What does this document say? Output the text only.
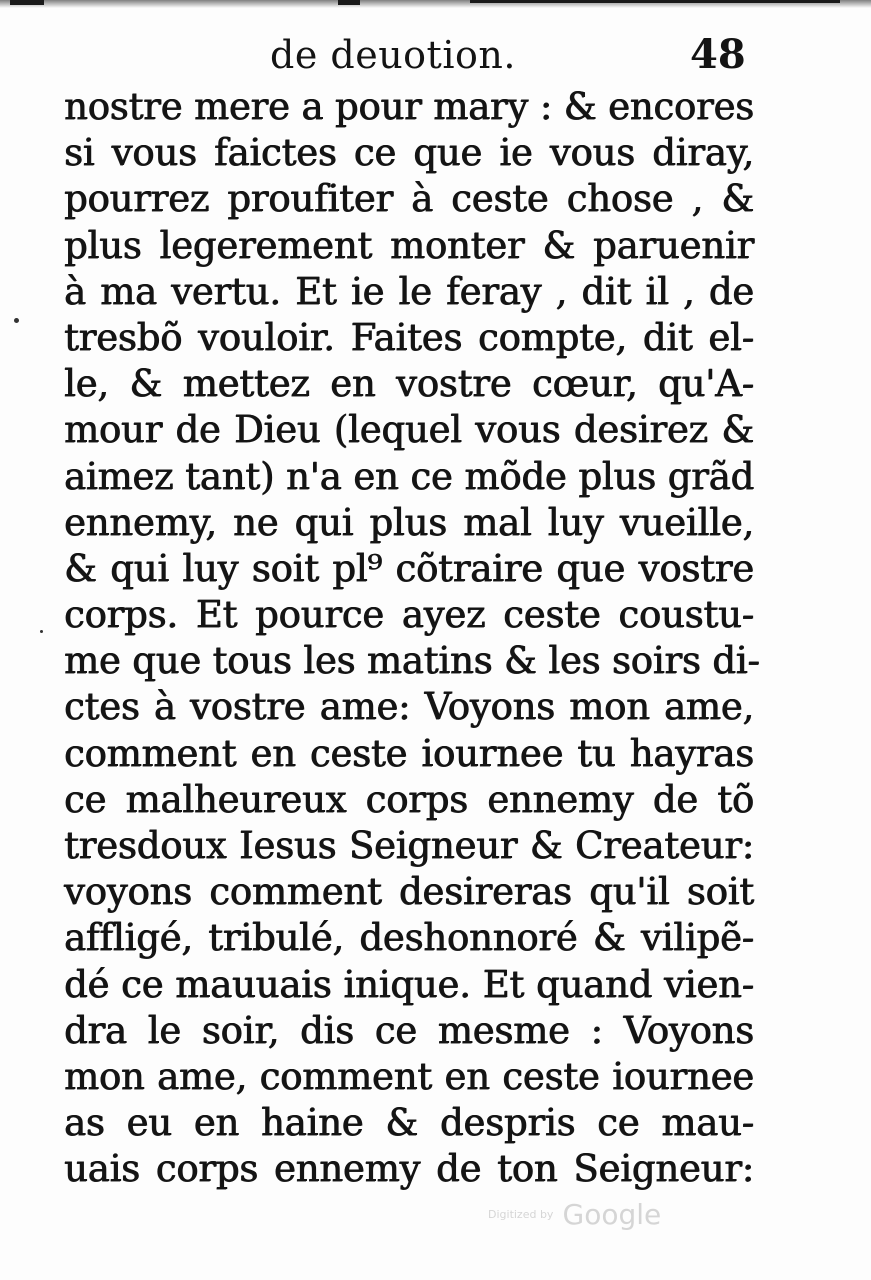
de deuotion.	48
nostre mere a pour mary : & encores
si vous faictes ce que ie vous diray,
pourrez proufiter à ceste chose , &
plus legerement monter & paruenir
à ma vertu. Et ie le feray , dit il , de
tresbõ vouloir. Faites compte, dit el-
le, & mettez en vostre cœur, qu'A-
mour de Dieu (lequel vous desirez &
aimez tant) n'a en ce mõde plus grãd
ennemy, ne qui plus mal luy vueille,
& qui luy soit pl⁹ cõtraire que vostre
corps. Et pource ayez ceste coustu-
me que tous les matins & les soirs di-
ctes à vostre ame: Voyons mon ame,
comment en ceste iournee tu hayras
ce malheureux corps ennemy de tõ
tresdoux Iesus Seigneur & Createur:
voyons comment desireras qu'il soit
affligé, tribulé, deshonnoré & vilipẽ-
dé ce mauuais inique. Et quand vien-
dra le soir, dis ce mesme : Voyons
mon ame, comment en ceste iournee
as eu en haine & despris ce mau-
uais corps ennemy de ton Seigneur:
Digitized by Google
